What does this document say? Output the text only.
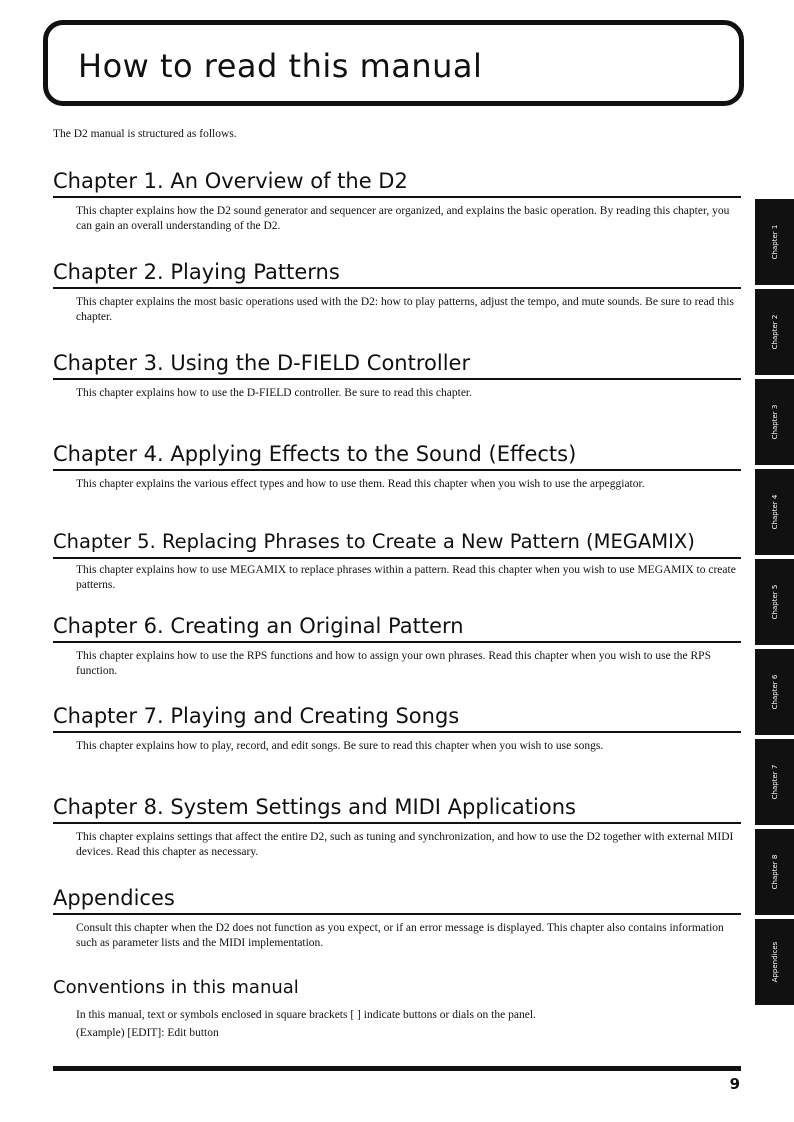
How to read this manual
The D2 manual is structured as follows.
Chapter 1. An Overview of the D2

This chapter explains how the D2 sound generator and sequencer are organized, and explains the basic operation. By reading this chapter, you can gain an overall understanding of the D2.

Chapter 2. Playing Patterns

This chapter explains the most basic operations used with the D2: how to play patterns, adjust the tempo, and mute sounds. Be sure to read this chapter.

Chapter 3. Using the D-FIELD Controller

This chapter explains how to use the D-FIELD controller. Be sure to read this chapter.

Chapter 4. Applying Effects to the Sound (Effects)

This chapter explains the various effect types and how to use them. Read this chapter when you wish to use the arpeggiator.

Chapter 5. Replacing Phrases to Create a New Pattern (MEGAMIX)

This chapter explains how to use MEGAMIX to replace phrases within a pattern. Read this chapter when you wish to use MEGAMIX to create patterns.

Chapter 6. Creating an Original Pattern

This chapter explains how to use the RPS functions and how to assign your own phrases. Read this chapter when you wish to use the RPS function.

Chapter 7. Playing and Creating Songs

This chapter explains how to play, record, and edit songs. Be sure to read this chapter when you wish to use songs.

Chapter 8. System Settings and MIDI Applications

This chapter explains settings that affect the entire D2, such as tuning and synchronization, and how to use the D2 together with external MIDI devices. Read this chapter as necessary.

Appendices

Consult this chapter when the D2 does not function as you expect, or if an error message is displayed. This chapter also contains information such as parameter lists and the MIDI implementation.

Conventions in this manual

In this manual, text or symbols enclosed in square brackets [ ] indicate buttons or dials on the panel.
(Example) [EDIT]: Edit button

9
Chapter 1
Chapter 2
Chapter 3
Chapter 4
Chapter 5
Chapter 6
Chapter 7
Chapter 8
Appendices
